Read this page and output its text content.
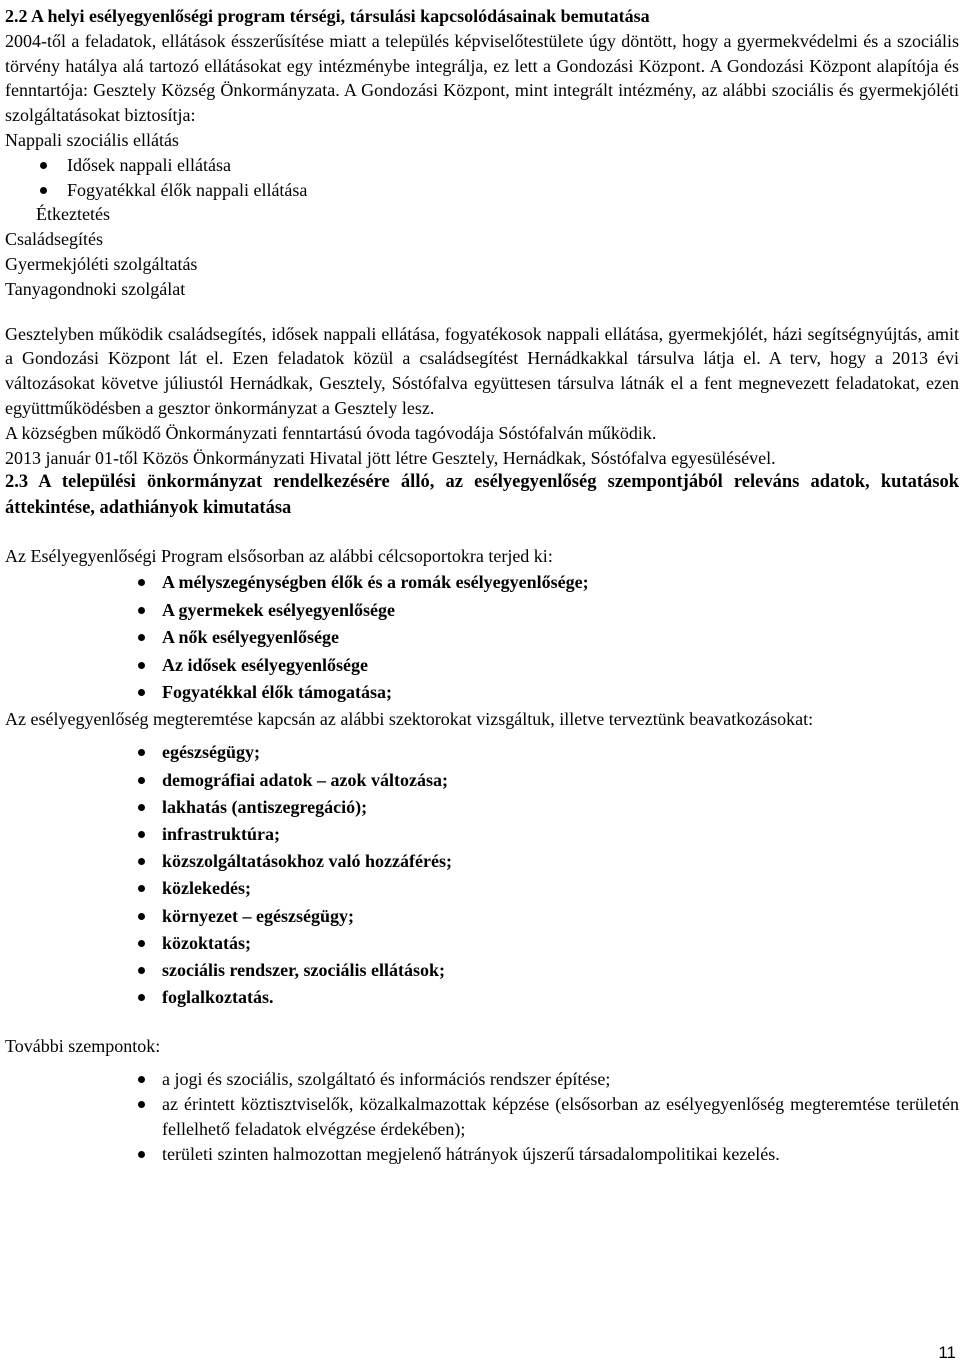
2.2 A helyi esélyegyenlőségi program térségi, társulási kapcsolódásainak bemutatása

2004-től a feladatok, ellátások ésszerűsítése miatt a település képviselőtestülete úgy döntött, hogy a gyermekvédelmi és a szociális törvény hatálya alá tartozó ellátásokat egy intézménybe integrálja, ez lett a Gondozási Központ. A Gondozási Központ alapítója és fenntartója: Gesztely Község Önkormányzata. A Gondozási Központ, mint integrált intézmény, az alábbi szociális és gyermekjóléti szolgáltatásokat biztosítja:

Nappali szociális ellátás
Idősek nappali ellátása
Fogyatékkal élők nappali ellátása
Étkeztetés
Családsegítés
Gyermekjóléti szolgáltatás
Tanyagondnoki szolgálat

Gesztelyben működik családsegítés, idősek nappali ellátása, fogyatékosok nappali ellátása, gyermekjólét, házi segítségnyújtás, amit a Gondozási Központ lát el. Ezen feladatok közül a családsegítést Hernádkakkal társulva látja el. A terv, hogy a 2013 évi változásokat követve júliustól Hernádkak, Gesztely, Sóstófalva együttesen társulva látnák el a fent megnevezett feladatokat, ezen együttműködésben a gesztor önkormányzat a Gesztely lesz.

A községben működő Önkormányzati fenntartású óvoda tagóvodája Sóstófalván működik.

2013 január 01-től Közös Önkormányzati Hivatal jött létre Gesztely, Hernádkak, Sóstófalva egyesülésével.

2.3 A települési önkormányzat rendelkezésére álló, az esélyegyenlőség szempontjából releváns adatok, kutatások áttekintése, adathiányok kimutatása
Az Esélyegyenlőségi Program elsősorban az alábbi célcsoportokra terjed ki:
A mélyszegénységben élők és a romák esélyegyenlősége;
A gyermekek esélyegyenlősége
A nők esélyegyenlősége
Az idősek esélyegyenlősége
Fogyatékkal élők támogatása;

Az esélyegyenlőség megteremtése kapcsán az alábbi szektorokat vizsgáltuk, illetve terveztünk beavatkozásokat:

egészségügy;
demográfiai adatok – azok változása;
lakhatás (antiszegregáció);
infrastruktúra;
közszolgáltatásokhoz való hozzáférés;
közlekedés;
környezet – egészségügy;
közoktatás;
szociális rendszer, szociális ellátások;
foglalkoztatás.
További szempontok:
a jogi és szociális, szolgáltató és információs rendszer építése;
az érintett köztisztviselők, közalkalmazottak képzése (elsősorban az esélyegyenlőség megteremtése területén fellelhető feladatok elvégzése érdekében);
területi szinten halmozottan megjelenő hátrányok újszerű társadalompolitikai kezelés.
11
